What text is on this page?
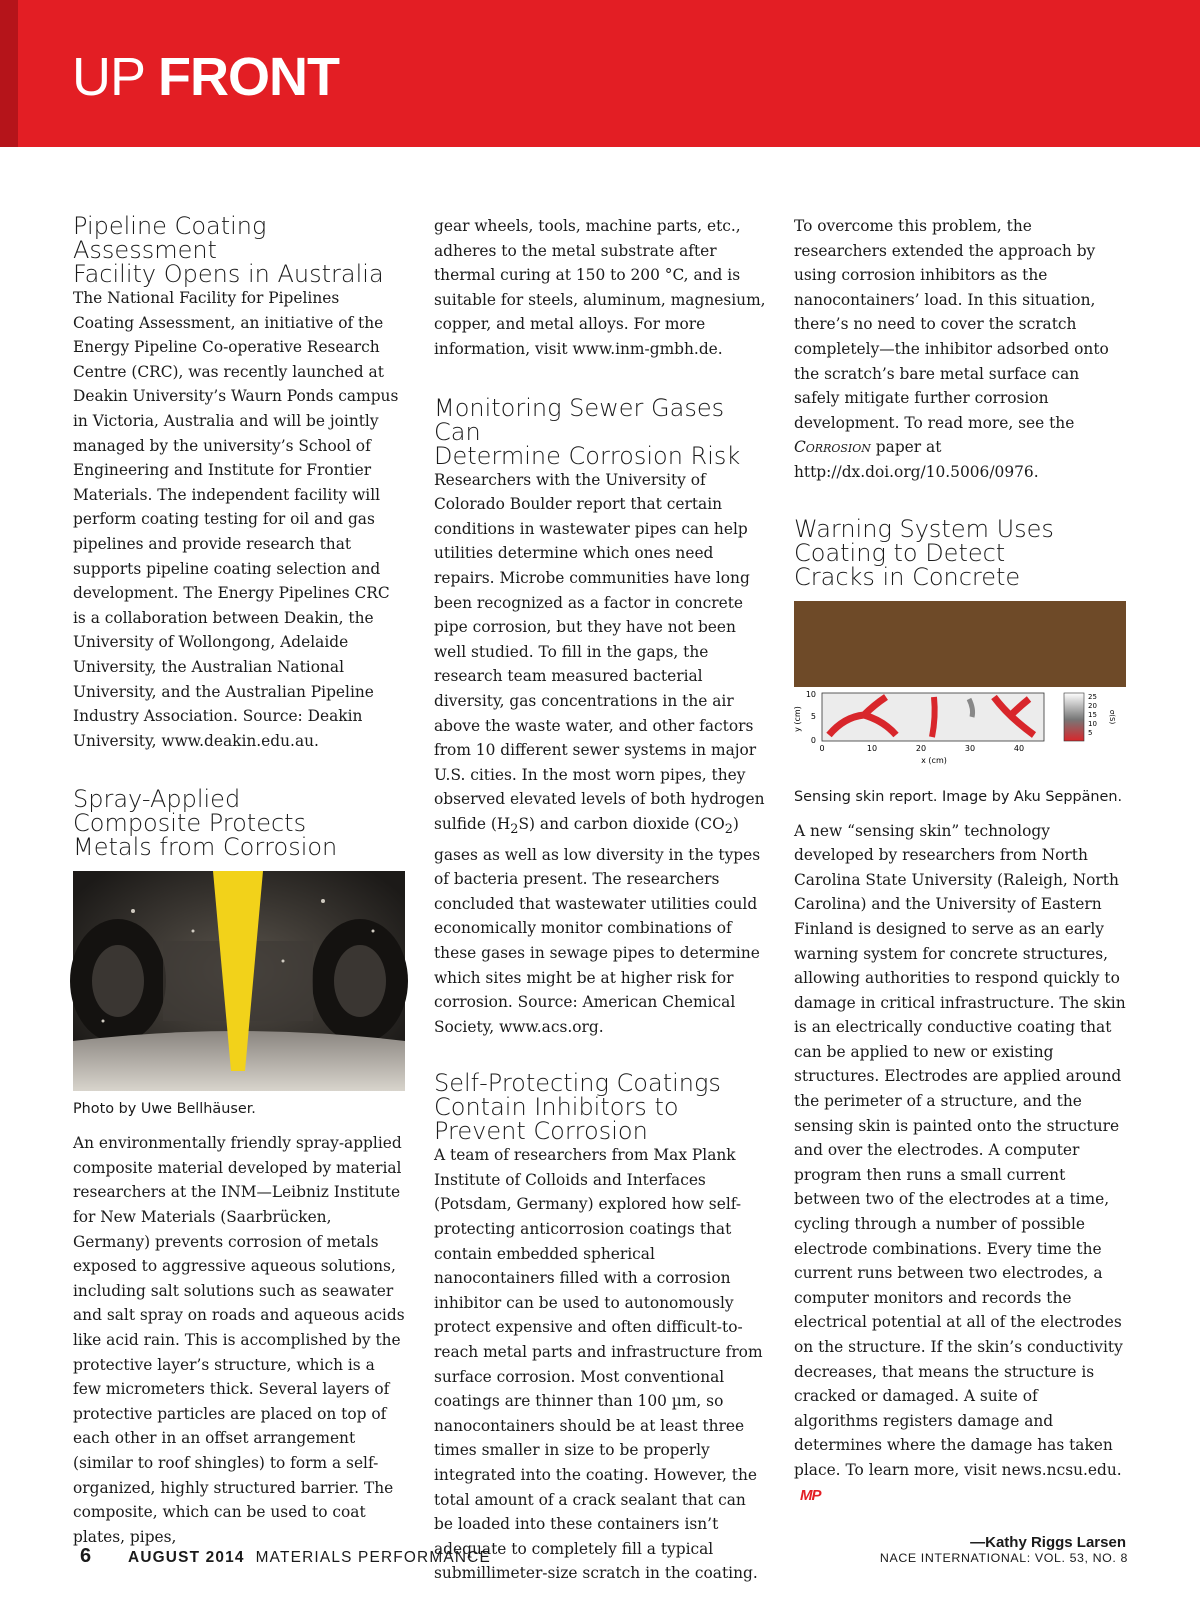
UP FRONT
Pipeline Coating Assessment
Facility Opens in Australia

The National Facility for Pipelines Coating Assessment, an initiative of the Energy Pipeline Co-operative Research Centre (CRC), was recently launched at Deakin University’s Waurn Ponds campus in Victoria, Australia and will be jointly managed by the university’s School of Engineering and Institute for Frontier Materials. The independent facility will perform coating testing for oil and gas pipelines and provide research that supports pipeline coating selection and development. The Energy Pipelines CRC is a collaboration between Deakin, the University of Wollongong, Adelaide University, the Australian National University, and the Australian Pipeline Industry Association. Source: Deakin University, www.deakin.edu.au.

Spray-Applied
Composite Protects
Metals from Corrosion

Photo by Uwe Bellhäuser.

An environmentally friendly spray-applied composite material developed by material researchers at the INM—Leibniz Institute for New Materials (Saarbrücken, Germany) prevents corrosion of metals exposed to aggressive aqueous solutions, including salt solutions such as seawater and salt spray on roads and aqueous acids like acid rain. This is accomplished by the protective layer’s structure, which is a few micrometers thick. Several layers of protective particles are placed on top of each other in an offset arrangement (similar to roof shingles) to form a self-organized, highly structured barrier. The composite, which can be used to coat plates, pipes,

gear wheels, tools, machine parts, etc., adheres to the metal substrate after thermal curing at 150 to 200 °C, and is suitable for steels, aluminum, magnesium, copper, and metal alloys. For more information, visit www.inm-gmbh.de.

Monitoring Sewer Gases Can
Determine Corrosion Risk

Researchers with the University of Colorado Boulder report that certain conditions in wastewater pipes can help utilities determine which ones need repairs. Microbe communities have long been recognized as a factor in concrete pipe corrosion, but they have not been well studied. To fill in the gaps, the research team measured bacterial diversity, gas concentrations in the air above the waste water, and other factors from 10 different sewer systems in major U.S. cities. In the most worn pipes, they observed elevated levels of both hydrogen sulfide $(H_2S)$ and carbon dioxide $(CO_2)$ gases as well as low diversity in the types of bacteria present. The researchers concluded that wastewater utilities could economically monitor combinations of these gases in sewage pipes to determine which sites might be at higher risk for corrosion. Source: American Chemical Society, www.acs.org.

Self-Protecting Coatings
Contain Inhibitors to
Prevent Corrosion

A team of researchers from Max Plank Institute of Colloids and Interfaces (Potsdam, Germany) explored how self-protecting anticorrosion coatings that contain embedded spherical nanocontainers filled with a corrosion inhibitor can be used to autonomously protect expensive and often difficult-to-reach metal parts and infrastructure from surface corrosion. Most conventional coatings are thinner than 100 µm, so nanocontainers should be at least three times smaller in size to be properly integrated into the coating. However, the total amount of a crack sealant that can be loaded into these containers isn’t adequate to completely fill a typical submillimeter-size scratch in the coating.

To overcome this problem, the researchers extended the approach by using corrosion inhibitors as the nanocontainers’ load. In this situation, there’s no need to cover the scratch completely—the inhibitor adsorbed onto the scratch’s bare metal surface can safely mitigate further corrosion development. To read more, see the Corrosion paper at http://dx.doi.org/10.5006/0976.

Warning System Uses
Coating to Detect
Cracks in Concrete
10
5
0
y (cm)
0	10	20	30	40
x (cm)
25
20
15
10
5
σ(S)

Sensing skin report. Image by Aku Seppänen.

A new “sensing skin” technology developed by researchers from North Carolina State University (Raleigh, North Carolina) and the University of Eastern Finland is designed to serve as an early warning system for concrete structures, allowing authorities to respond quickly to damage in critical infrastructure. The skin is an electrically conductive coating that can be applied to new or existing structures. Electrodes are applied around the perimeter of a structure, and the sensing skin is painted onto the structure and over the electrodes. A computer program then runs a small current between two of the electrodes at a time, cycling through a number of possible electrode combinations. Every time the current runs between two electrodes, a computer monitors and records the electrical potential at all of the electrodes on the structure. If the skin’s conductivity decreases, that means the structure is cracked or damaged. A suite of algorithms registers damage and determines where the damage has taken place. To learn more, visit news.ncsu.edu.MP

—Kathy Riggs Larsen
6 AUGUST 2014 MATERIALS PERFORMANCE	NACE INTERNATIONAL: VOL. 53, NO. 8
